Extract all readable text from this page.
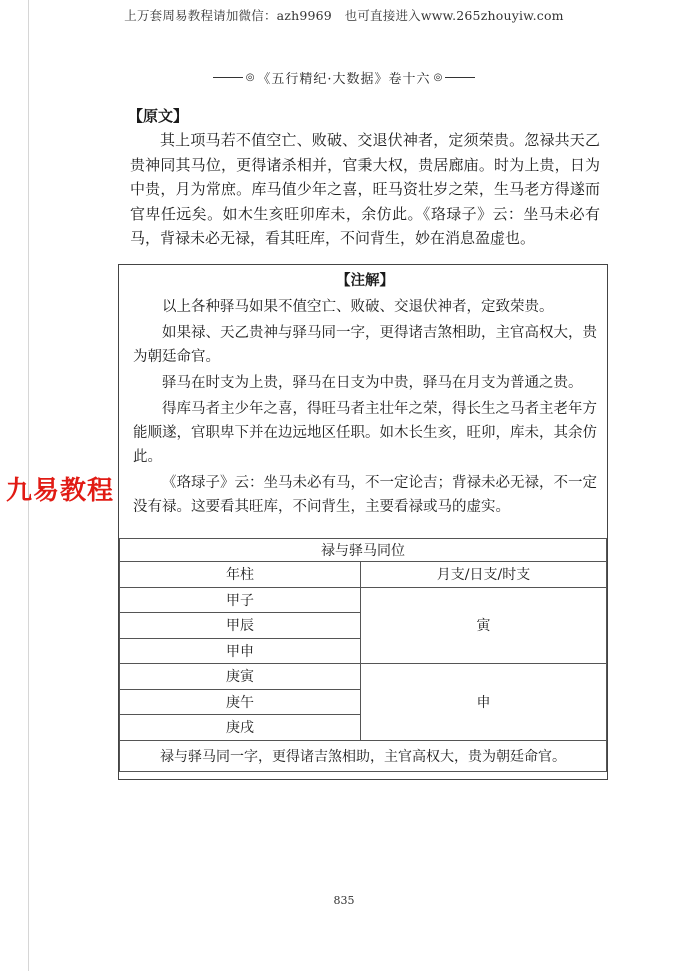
上万套周易教程请加微信：azh9969　也可直接进入www.265zhouyiw.com
◎ 《五行精纪·大数据》卷十六 ◎
【原文】

其上项马若不值空亡、败破、交退伏神者，定须荣贵。忽禄共天乙贵神同其马位，更得诸杀相并，官秉大权，贵居廊庙。时为上贵，日为中贵，月为常庶。库马值少年之喜，旺马资壮岁之荣，生马老方得遂而官卑任远矣。如木生亥旺卯库未，余仿此。《珞琭子》云：坐马未必有马，背禄未必无禄，看其旺库，不问背生，妙在消息盈虚也。

【注解】

以上各种驿马如果不值空亡、败破、交退伏神者，定致荣贵。

如果禄、天乙贵神与驿马同一字，更得诸吉煞相助，主官高权大，贵为朝廷命官。

驿马在时支为上贵，驿马在日支为中贵，驿马在月支为普通之贵。

得库马者主少年之喜，得旺马者主壮年之荣，得长生之马者主老年方能顺遂，官职卑下并在边远地区任职。如木长生亥，旺卯，库未，其余仿此。

《珞琭子》云：坐马未必有马，不一定论吉；背禄未必无禄，不一定没有禄。这要看其旺库，不问背生，主要看禄或马的虚实。

禄与驿马同位	
年柱	月支/日支/时支
甲子	寅
甲辰	
甲申	
庚寅	申
庚午	
庚戌	
禄与驿马同一字，更得诸吉煞相助，主官高权大，贵为朝廷命官。	
九易教程
835
